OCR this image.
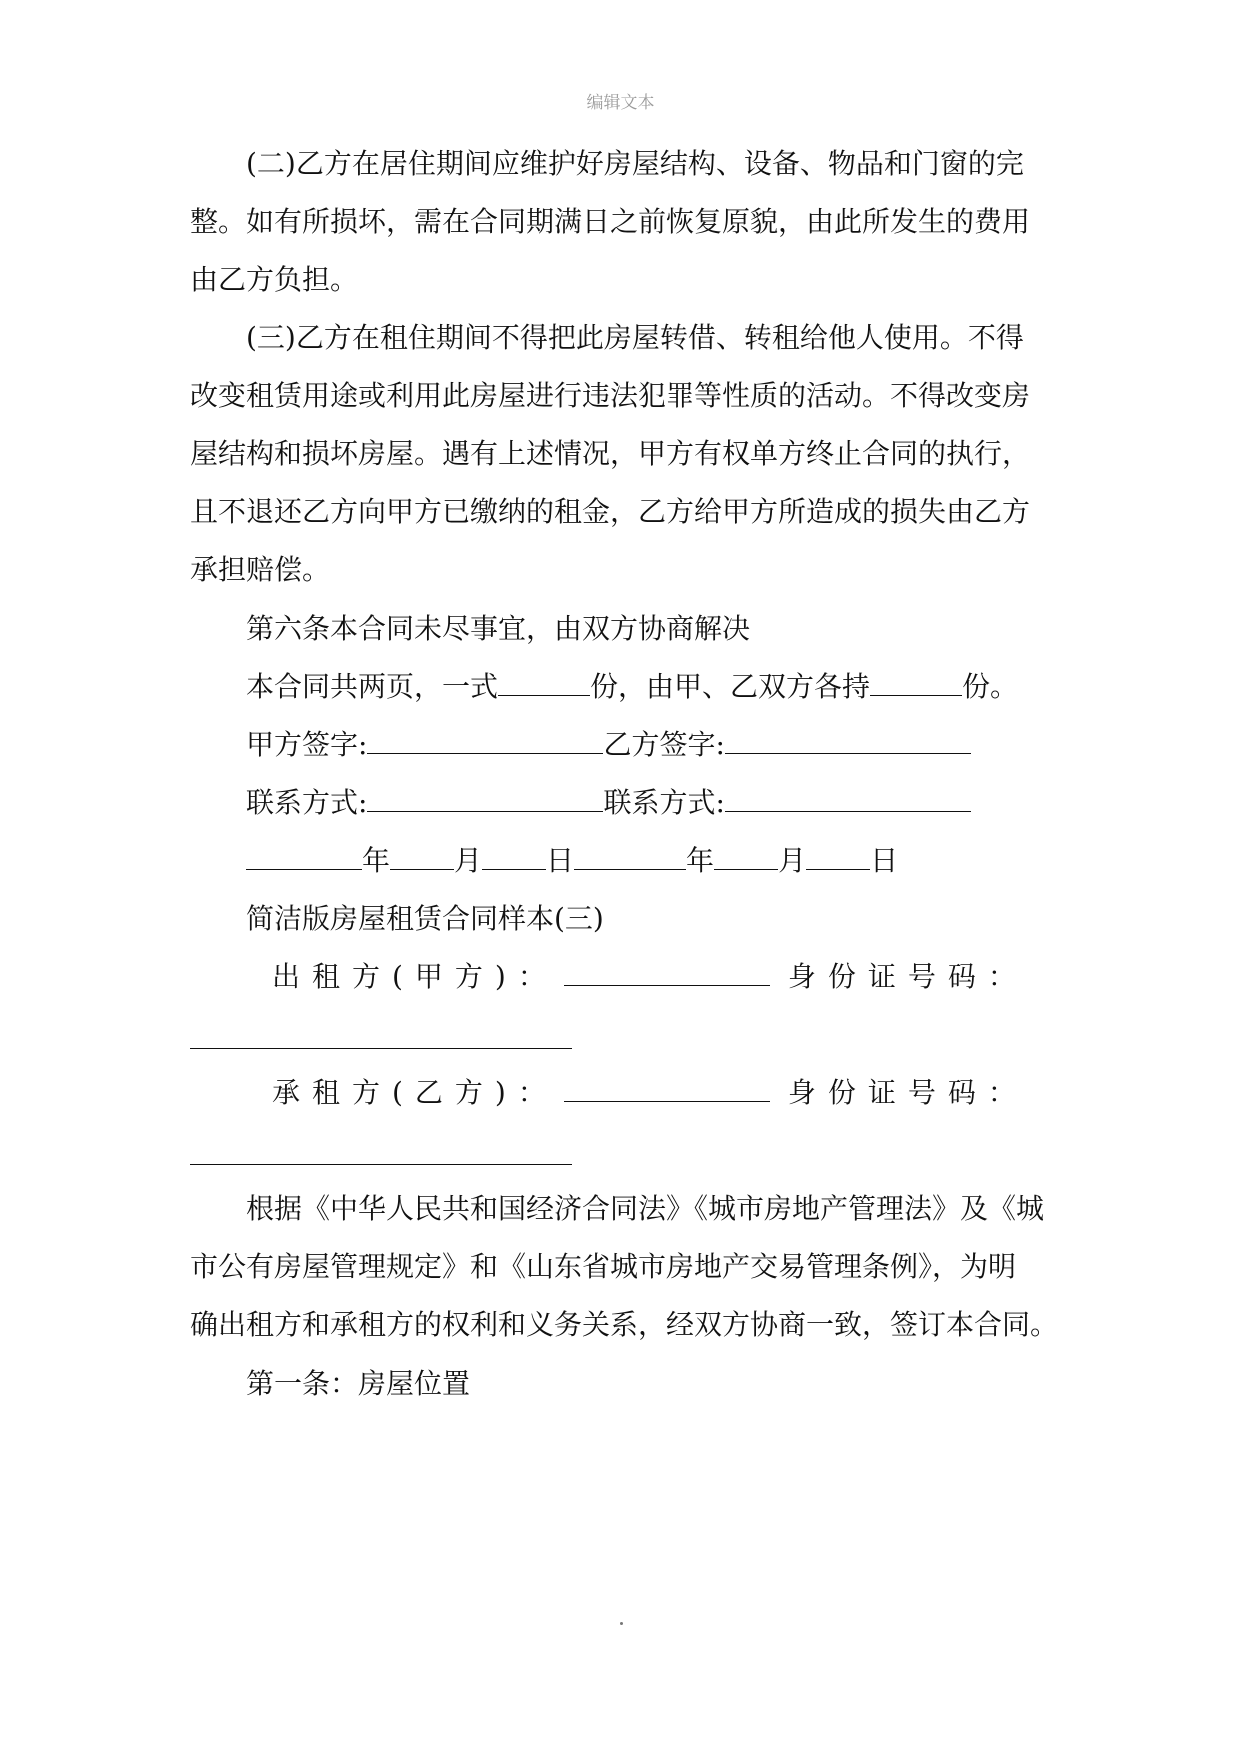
编辑文本
(二)乙方在居住期间应维护好房屋结构、设备、物品和门窗的完
整。如有所损坏，需在合同期满日之前恢复原貌，由此所发生的费用
由乙方负担。
(三)乙方在租住期间不得把此房屋转借、转租给他人使用。不得
改变租赁用途或利用此房屋进行违法犯罪等性质的活动。不得改变房
屋结构和损坏房屋。遇有上述情况，甲方有权单方终止合同的执行，
且不退还乙方向甲方已缴纳的租金，乙方给甲方所造成的损失由乙方
承担赔偿。
第六条本合同未尽事宜，由双方协商解决
本合同共两页，一式	份，由甲、乙双方各持	份。
甲方签字:	乙方签字:
联系方式:	联系方式:
年 月 日	年 月 日
简洁版房屋租赁合同样本(三)
出租方(甲方)：	身份证号码：
承租方(乙方)：	身份证号码：
根据《中华人民共和国经济合同法》《城市房地产管理法》及《城
市公有房屋管理规定》和《山东省城市房地产交易管理条例》，为明
确出租方和承租方的权利和义务关系，经双方协商一致，签订本合同。
第一条：房屋位置
